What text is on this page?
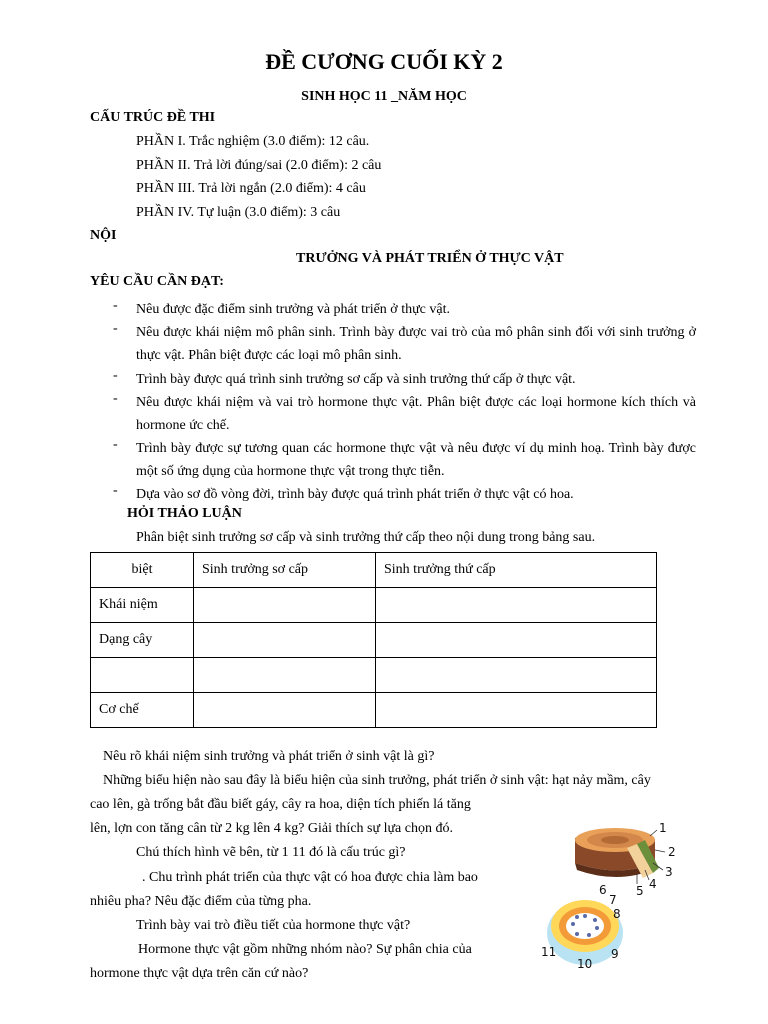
ĐỀ CƯƠNG CUỐI KỲ 2
SINH HỌC 11 _NĂM HỌC
CẤU TRÚC ĐỀ THI
PHẦN I. Trắc nghiệm (3.0 điểm): 12 câu.
PHẦN II. Trả lời đúng/sai (2.0 điểm): 2 câu
PHẦN III. Trả lời ngắn (2.0 điểm): 4 câu
PHẦN IV. Tự luận (3.0 điểm): 3 câu
NỘI
TRƯỞNG VÀ PHÁT TRIỂN Ở THỰC VẬT
YÊU CẦU CẦN ĐẠT:
- Nêu được đặc điểm sinh trưởng và phát triển ở thực vật.
- Nêu được khái niệm mô phân sinh. Trình bày được vai trò của mô phân sinh đối với sinh trưởng ở thực vật. Phân biệt được các loại mô phân sinh.
- Trình bày được quá trình sinh trưởng sơ cấp và sinh trưởng thứ cấp ở thực vật.
- Nêu được khái niệm và vai trò hormone thực vật. Phân biệt được các loại hormone kích thích và hormone ức chế.
- Trình bày được sự tương quan các hormone thực vật và nêu được ví dụ minh hoạ. Trình bày được một số ứng dụng của hormone thực vật trong thực tiễn.
- Dựa vào sơ đồ vòng đời, trình bày được quá trình phát triển ở thực vật có hoa.
HỎI THẢO LUẬN
Phân biệt sinh trưởng sơ cấp và sinh trưởng thứ cấp theo nội dung trong bảng sau.
biệt	Sinh trưởng sơ cấp	Sinh trưởng thứ cấp
Khái niệm		
Dạng cây		

Cơ chế		
Nêu rõ khái niệm sinh trưởng và phát triển ở sinh vật là gì?
Những biểu hiện nào sau đây là biểu hiện của sinh trưởng, phát triển ở sinh vật: hạt nảy mầm, cây
cao lên, gà trống bắt đầu biết gáy, cây ra hoa, diện tích phiến lá tăng
lên, lợn con tăng cân từ 2 kg lên 4 kg? Giải thích sự lựa chọn đó.
Chú thích hình vẽ bên, từ 1 11 đó là cấu trúc gì?
. Chu trình phát triển của thực vật có hoa được chia làm bao
nhiêu pha? Nêu đặc điểm của từng pha.
Trình bày vai trò điều tiết của hormone thực vật?
Hormone thực vật gồm những nhóm nào? Sự phân chia của
hormone thực vật dựa trên căn cứ nào?
1
2
3
4
5
6
7
8
9
10
11
